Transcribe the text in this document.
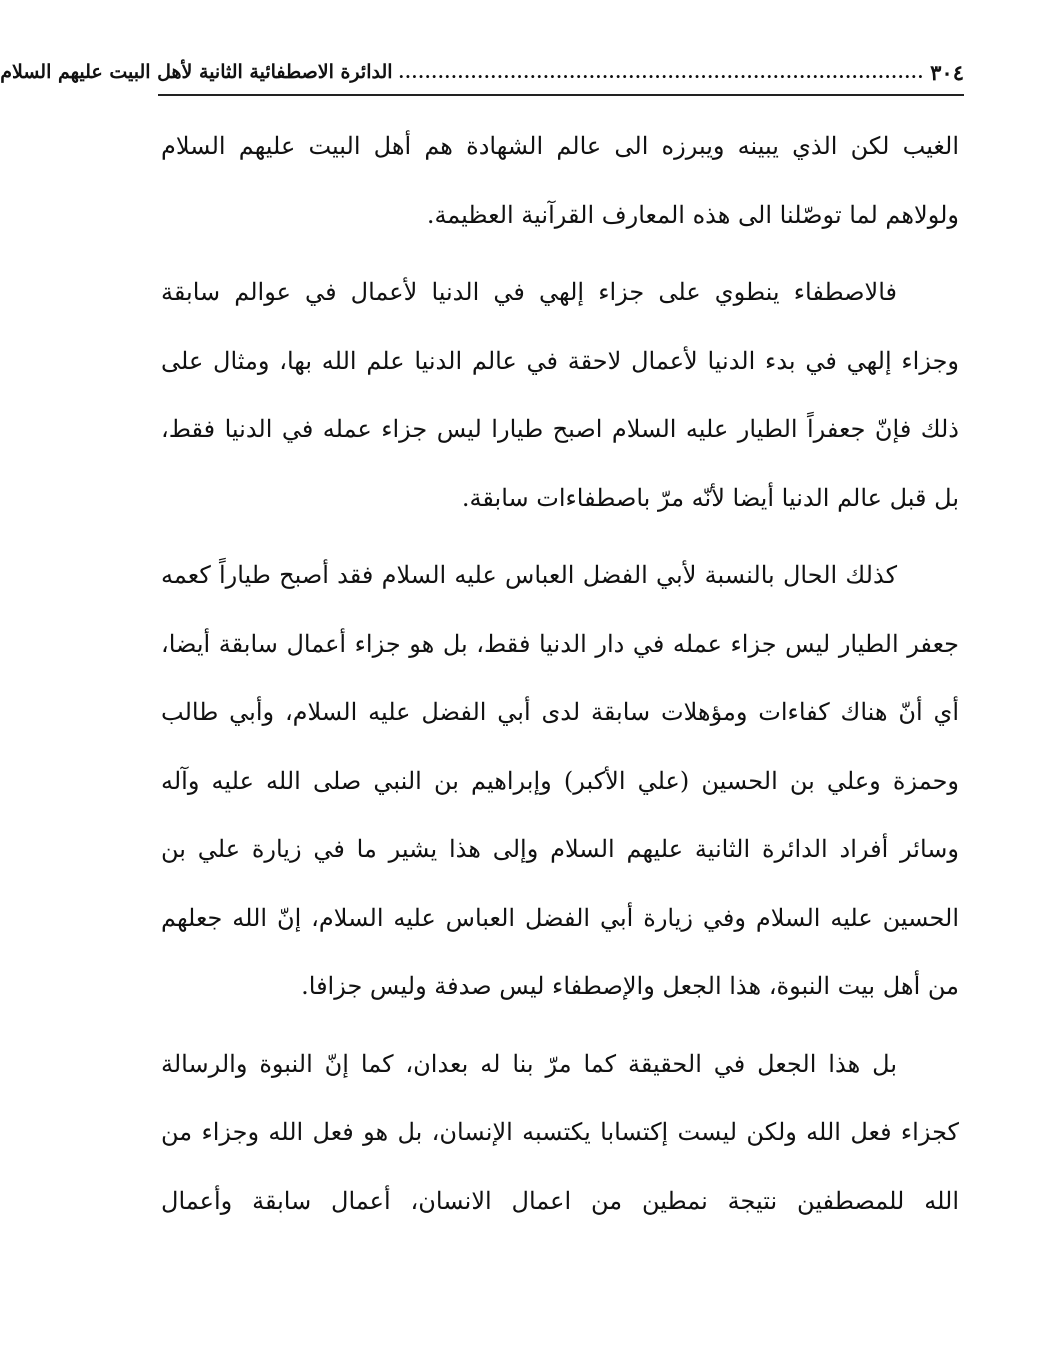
٣٠٤
................................................................................
الدائرة الاصطفائية الثانية لأهل البيت عليهم السلام

الغيب لكن الذي يبينه ويبرزه الى عالم الشهادة هم أهل البيت عليهم السلام ولولاهم لما توصّلنا الى هذه المعارف القرآنية العظيمة.

فالاصطفاء ينطوي على جزاء إلهي في الدنيا لأعمال في عوالم سابقة وجزاء إلهي في بدء الدنيا لأعمال لاحقة في عالم الدنيا علم الله بها، ومثال على ذلك فإنّ جعفراً الطيار عليه السلام اصبح طيارا ليس جزاء عمله في الدنيا فقط، بل قبل عالم الدنيا أيضا لأنّه مرّ باصطفاءات سابقة.

كذلك الحال بالنسبة لأبي الفضل العباس عليه السلام فقد أصبح طياراً كعمه جعفر الطيار ليس جزاء عمله في دار الدنيا فقط، بل هو جزاء أعمال سابقة أيضا، أي أنّ هناك كفاءات ومؤهلات سابقة لدى أبي الفضل عليه السلام، وأبي طالب وحمزة وعلي بن الحسين (علي الأكبر) وإبراهيم بن النبي صلى الله عليه وآله وسائر أفراد الدائرة الثانية عليهم السلام وإلى هذا يشير ما في زيارة علي بن الحسين عليه السلام وفي زيارة أبي الفضل العباس عليه السلام، إنّ الله جعلهم من أهل بيت النبوة، هذا الجعل والإصطفاء ليس صدفة وليس جزافا.

بل هذا الجعل في الحقيقة كما مرّ بنا له بعدان، كما إنّ النبوة والرسالة كجزاء فعل الله ولكن ليست إكتسابا يكتسبه الإنسان، بل هو فعل الله وجزاء من الله للمصطفين نتيجة نمطين من اعمال الانسان، أعمال سابقة وأعمال
